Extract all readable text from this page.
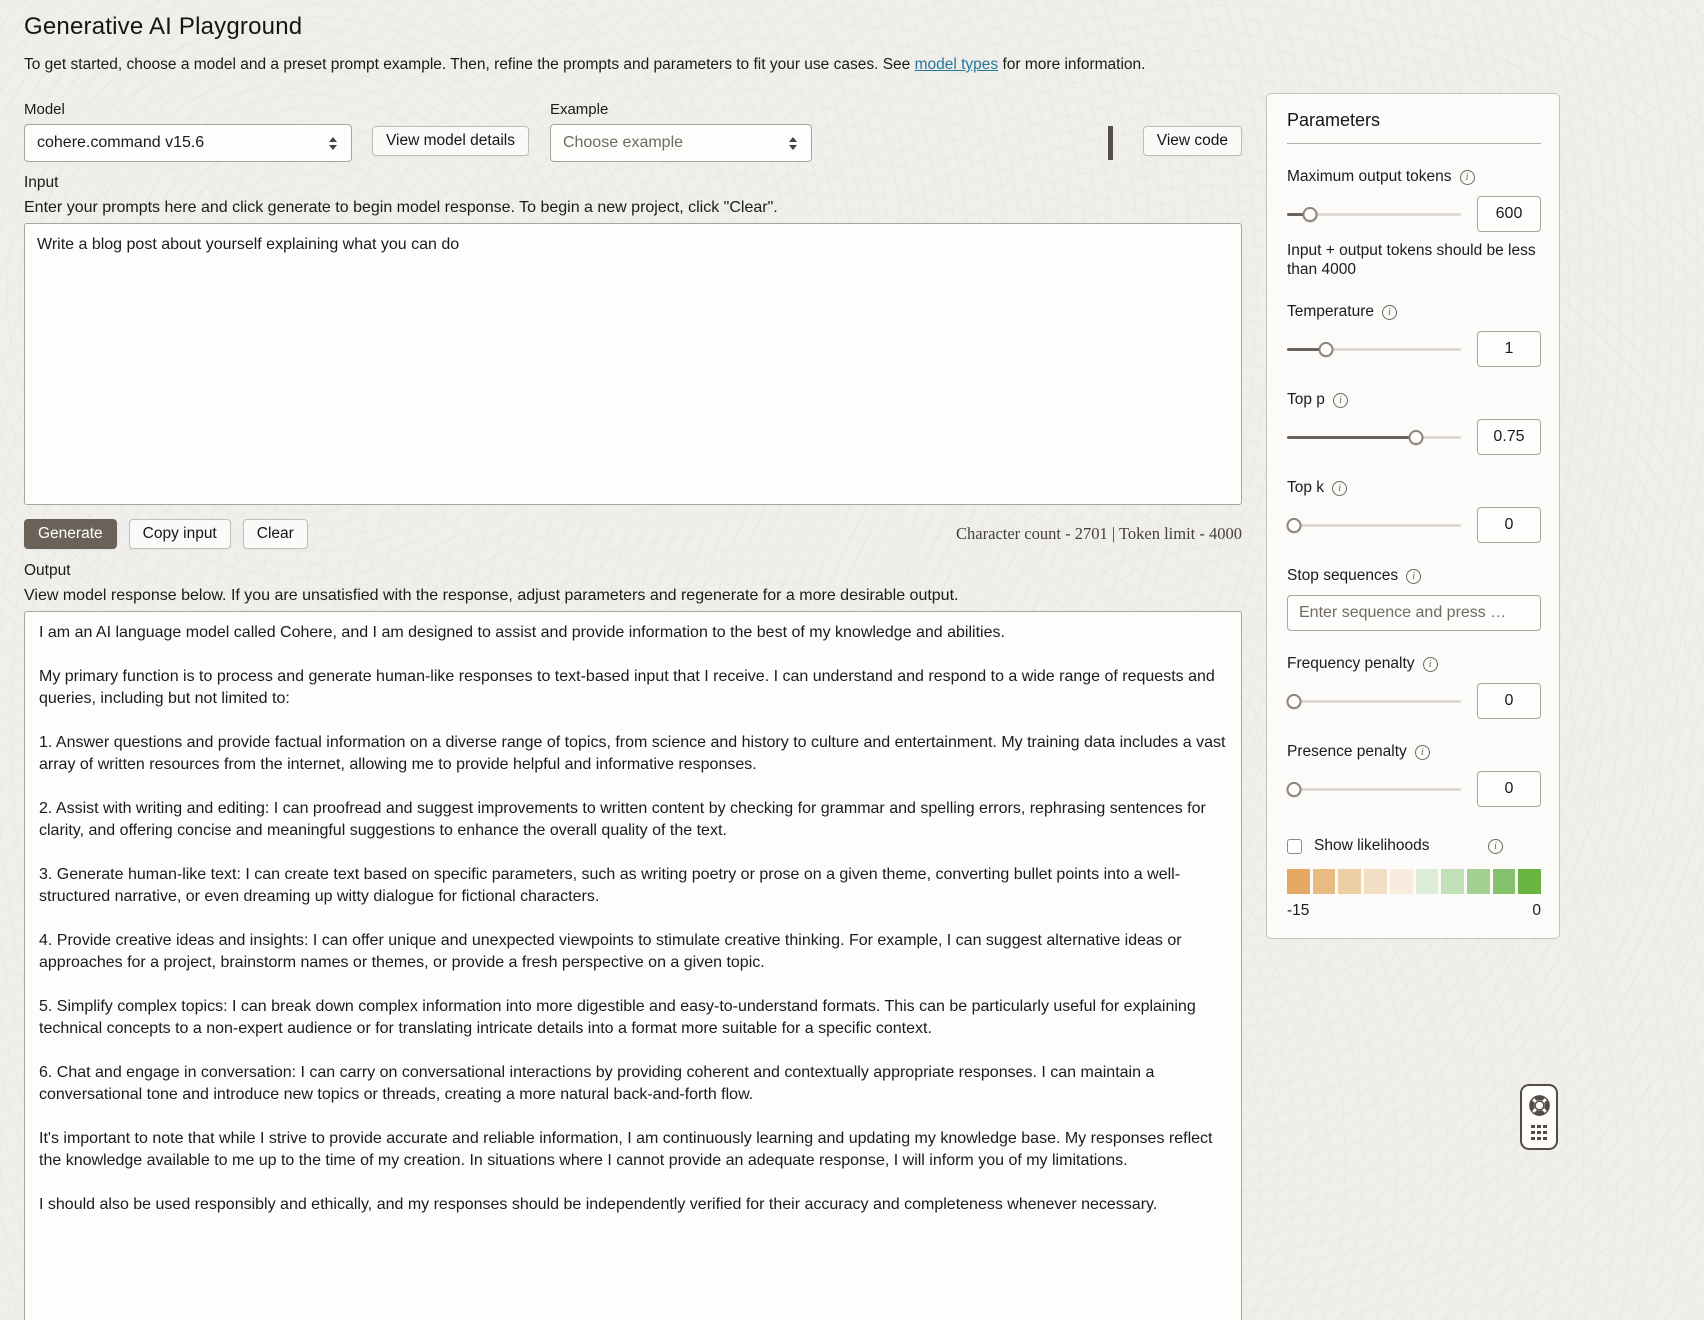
Generative AI Playground

To get started, choose a model and a preset prompt example. Then, refine the prompts and parameters to fit your use cases. See model types for more information.

Model
cohere.command v15.6	View model details
Example
Choose example	View code
Input
Enter your prompts here and click generate to begin model response. To begin a new project, click "Clear".
Write a blog post about yourself explaining what you can do
Generate	Copy input	Clear	Character count - 2701 | Token limit - 4000
Output
View model response below. If you are unsatisfied with the response, adjust parameters and regenerate for a more desirable output.

I am an AI language model called Cohere, and I am designed to assist and provide information to the best of my knowledge and abilities.

My primary function is to process and generate human-like responses to text-based input that I receive. I can understand and respond to a wide range of requests and queries, including but not limited to:

1. Answer questions and provide factual information on a diverse range of topics, from science and history to culture and entertainment. My training data includes a vast array of written resources from the internet, allowing me to provide helpful and informative responses.

2. Assist with writing and editing: I can proofread and suggest improvements to written content by checking for grammar and spelling errors, rephrasing sentences for clarity, and offering concise and meaningful suggestions to enhance the overall quality of the text.

3. Generate human-like text: I can create text based on specific parameters, such as writing poetry or prose on a given theme, converting bullet points into a well-structured narrative, or even dreaming up witty dialogue for fictional characters.

4. Provide creative ideas and insights: I can offer unique and unexpected viewpoints to stimulate creative thinking. For example, I can suggest alternative ideas or approaches for a project, brainstorm names or themes, or provide a fresh perspective on a given topic.

5. Simplify complex topics: I can break down complex information into more digestible and easy-to-understand formats. This can be particularly useful for explaining technical concepts to a non-expert audience or for translating intricate details into a format more suitable for a specific context.

6. Chat and engage in conversation: I can carry on conversational interactions by providing coherent and contextually appropriate responses. I can maintain a conversational tone and introduce new topics or threads, creating a more natural back-and-forth flow.

It's important to note that while I strive to provide accurate and reliable information, I am continuously learning and updating my knowledge base. My responses reflect the knowledge available to me up to the time of my creation. In situations where I cannot provide an adequate response, I will inform you of my limitations.

I should also be used responsibly and ethically, and my responses should be independently verified for their accuracy and completeness whenever necessary.

Parameters
Maximum output tokens	i
600
Input + output tokens should be less than 4000
Temperature	i
1
Top p	i
0.75
Top k	i
0
Stop sequences	i
Enter sequence and press …
Frequency penalty	i
0
Presence penalty	i
0
Show likelihoods	i
-15	0
